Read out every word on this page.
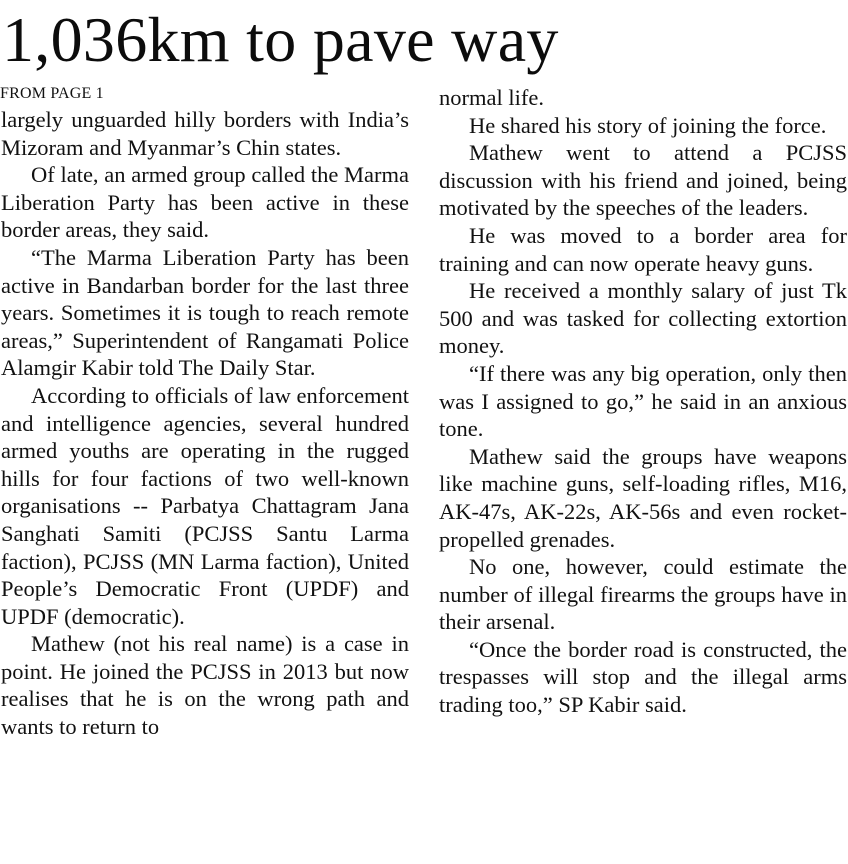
1,036km to pave way
FROM PAGE 1

largely unguarded hilly borders with India’s Mizoram and Myanmar’s Chin states.

Of late, an armed group called the Marma Liberation Party has been active in these border areas, they said.

“The Marma Liberation Party has been active in Bandarban border for the last three years. Sometimes it is tough to reach remote areas,” Superintendent of Rangamati Police Alamgir Kabir told The Daily Star.

According to officials of law enforcement and intelligence agencies, several hundred armed youths are operating in the rugged hills for four factions of two well-known organisations -- Parbatya Chattagram Jana Sanghati Samiti (PCJSS Santu Larma faction), PCJSS (MN Larma faction), United People’s Democratic Front (UPDF) and UPDF (democratic).

Mathew (not his real name) is a case in point. He joined the PCJSS in 2013 but now realises that he is on the wrong path and wants to return to

normal life.

He shared his story of joining the force.

Mathew went to attend a PCJSS discussion with his friend and joined, being motivated by the speeches of the leaders.

He was moved to a border area for training and can now operate heavy guns.

He received a monthly salary of just Tk 500 and was tasked for collecting extortion money.

“If there was any big operation, only then was I assigned to go,” he said in an anxious tone.

Mathew said the groups have weapons like machine guns, self-loading rifles, M16, AK-47s, AK-22s, AK-56s and even rocket-propelled grenades.

No one, however, could estimate the number of illegal firearms the groups have in their arsenal.

“Once the border road is constructed, the trespasses will stop and the illegal arms trading too,” SP Kabir said.
